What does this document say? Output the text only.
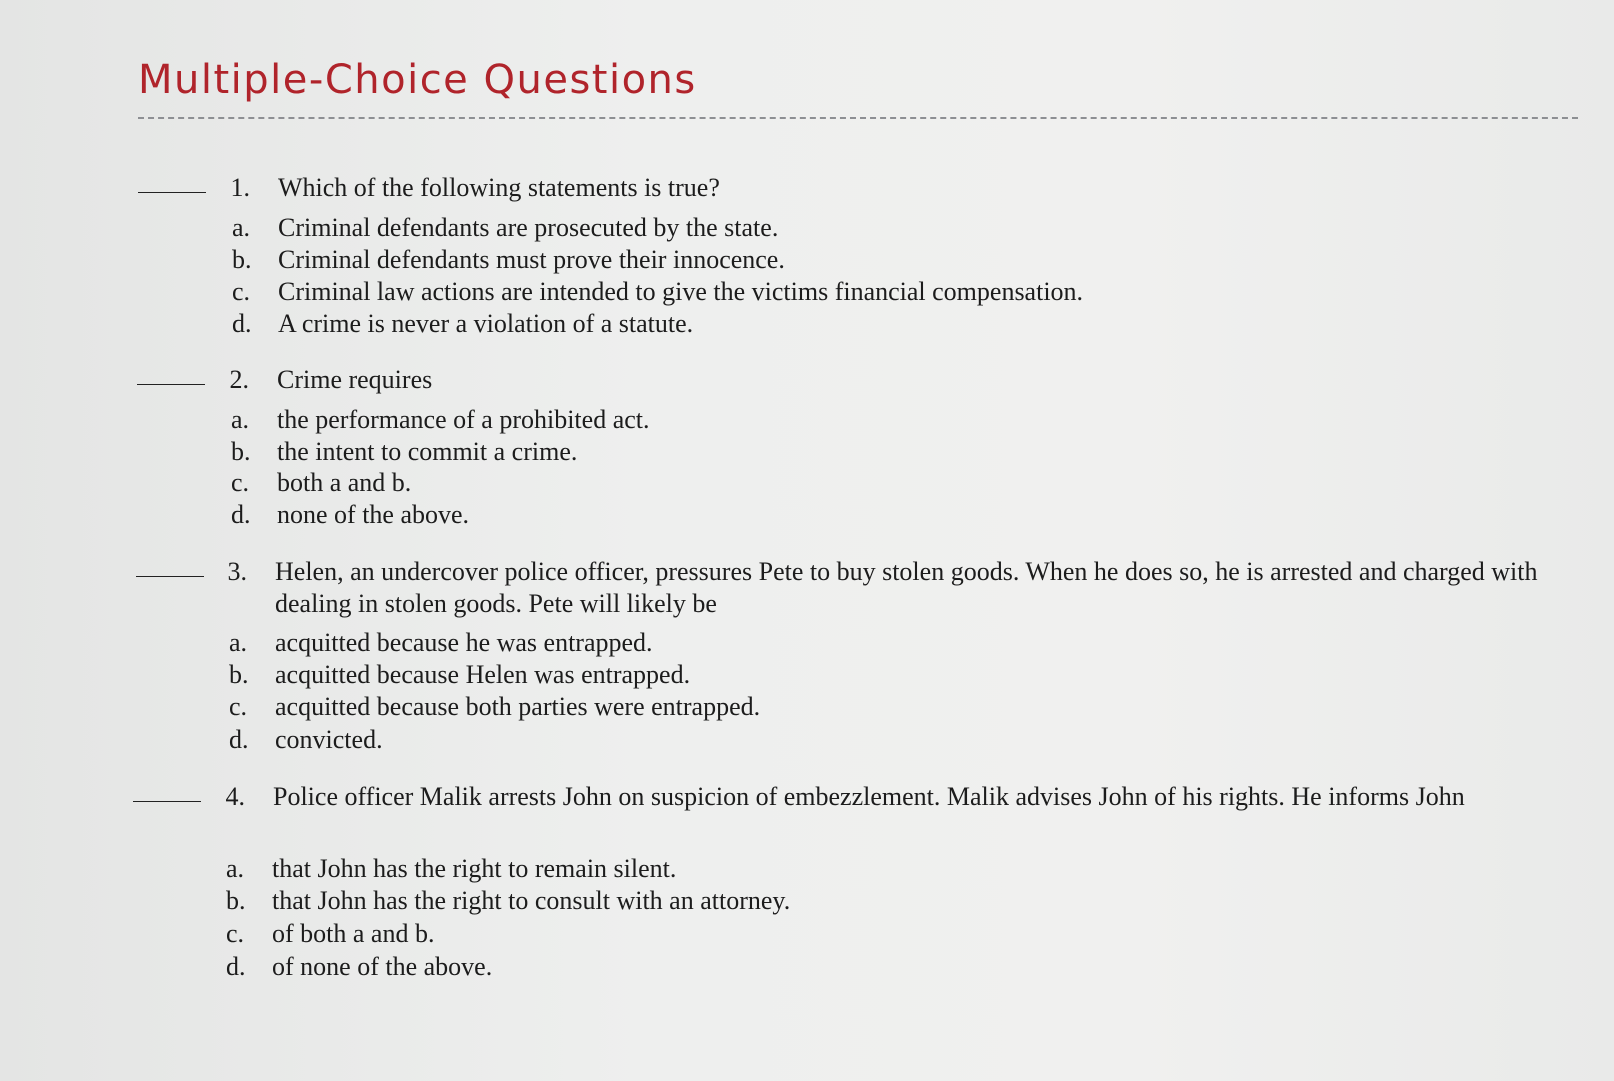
Multiple-Choice Questions
1. Which of the following statements is true?
a.	Criminal defendants are prosecuted by the state.
b. Criminal defendants must prove their innocence.
c.	Criminal law actions are intended to give the victims financial compensation.
d. A crime is never a violation of a statute.
2. Crime requires
a.	the performance of a prohibited act.
b. the intent to commit a crime.
c.	both a and b.
d. none of the above.
3. Helen, an undercover police officer, pressures Pete to buy stolen goods. When he does so, he is arrested and charged with dealing in stolen goods. Pete will likely be
a.	acquitted because he was entrapped.
b. acquitted because Helen was entrapped.
c.	acquitted because both parties were entrapped.
d. convicted.
4. Police officer Malik arrests John on suspicion of embezzlement. Malik advises John of his rights. He informs John
a.	that John has the right to remain silent.
b. that John has the right to consult with an attorney.
c.	of both a and b.
d. of none of the above.
